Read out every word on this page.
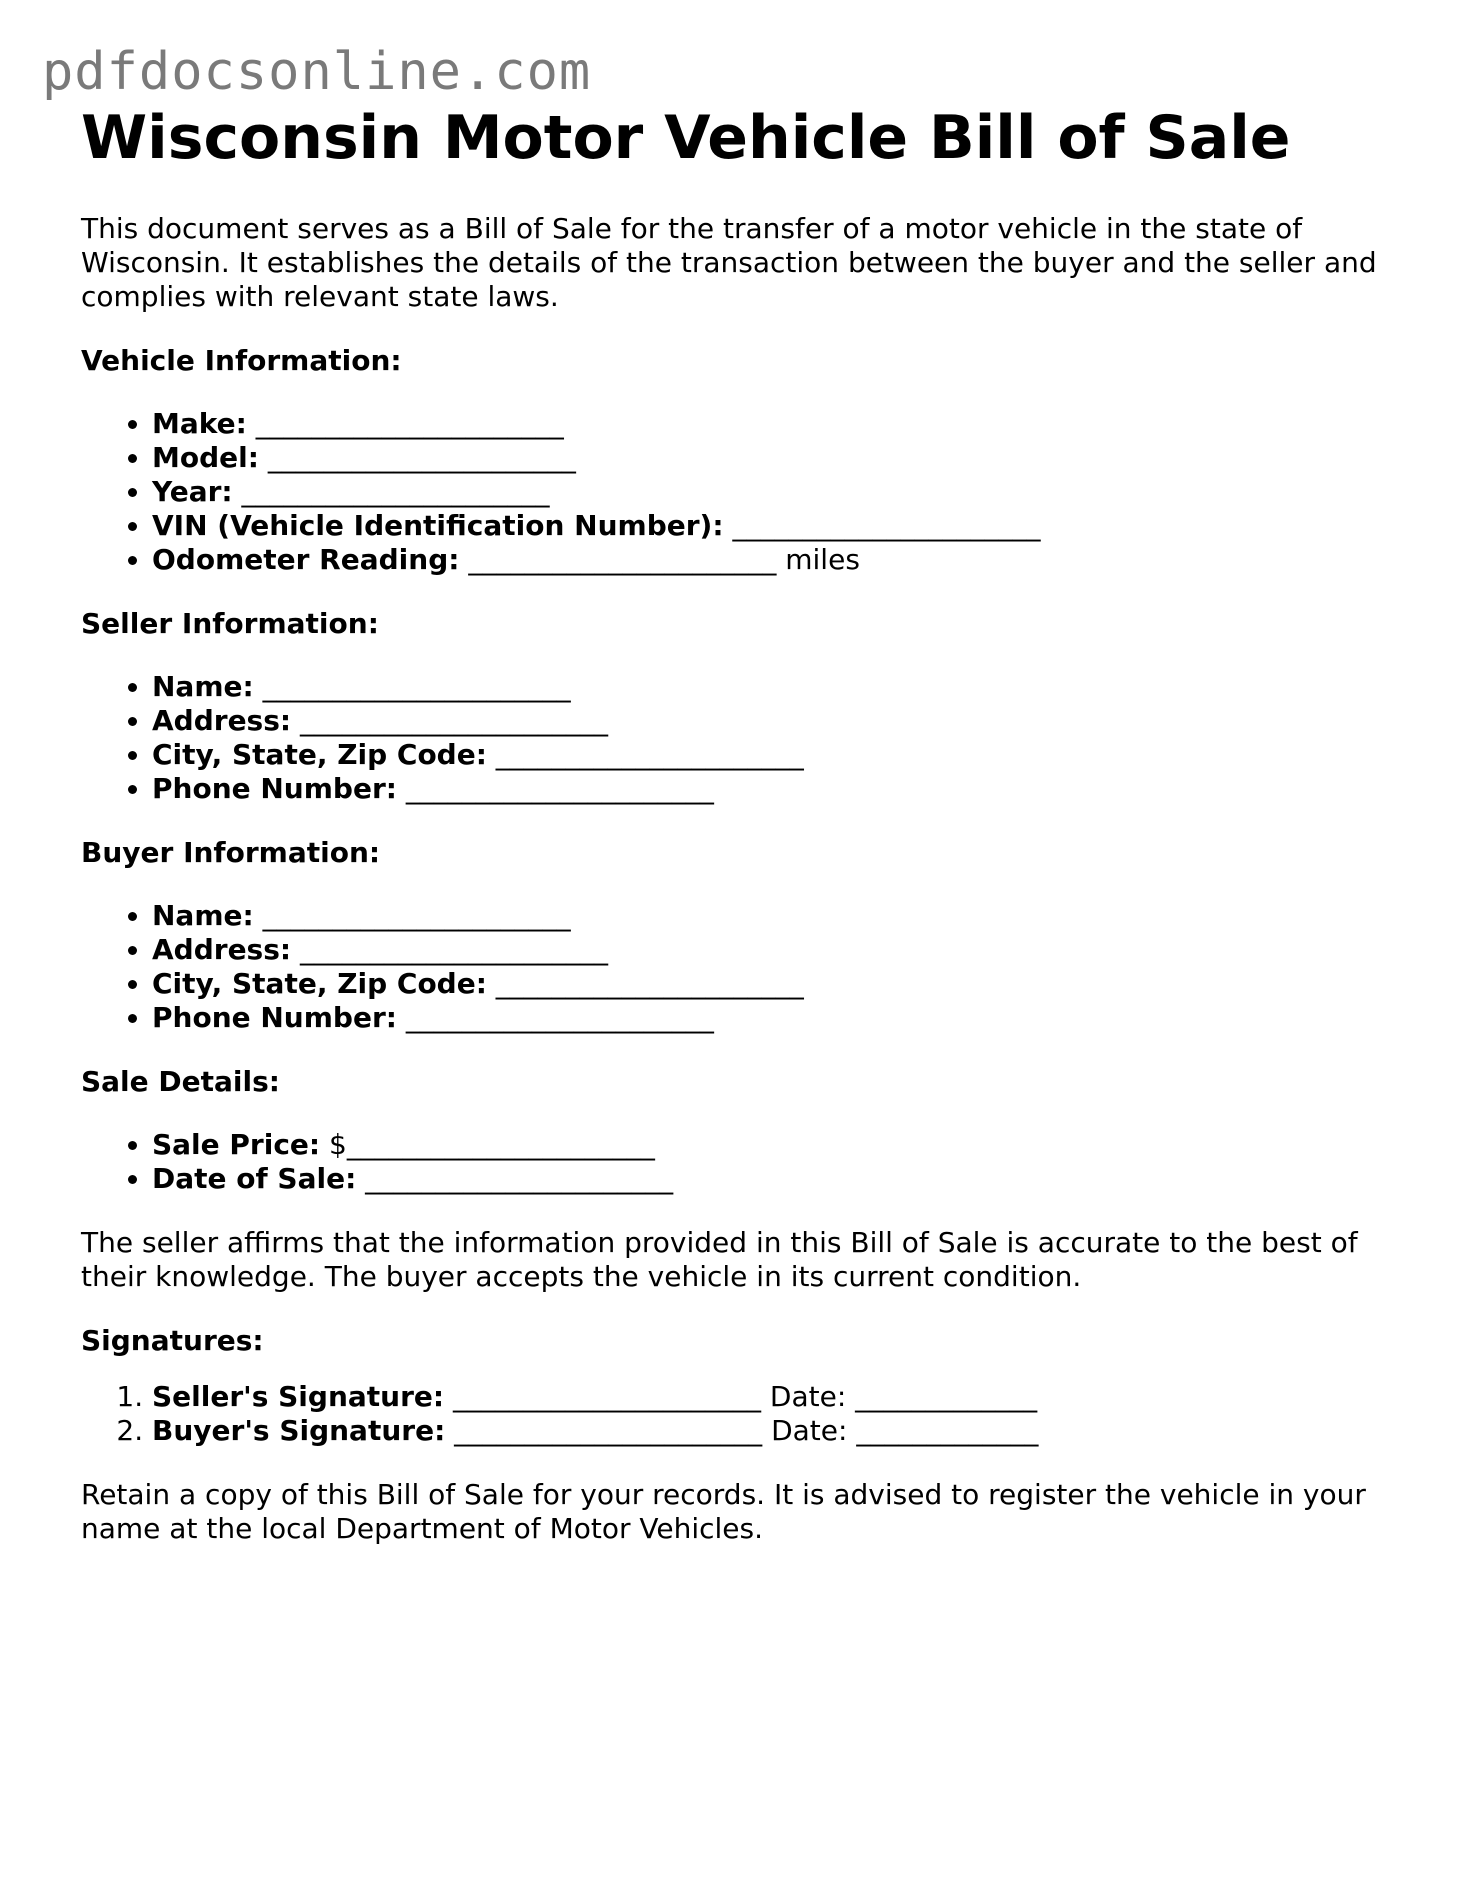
pdfdocsonline.com
Wisconsin Motor Vehicle Bill of Sale

This document serves as a Bill of Sale for the transfer of a motor vehicle in the state of Wisconsin. It establishes the details of the transaction between the buyer and the seller and complies with relevant state laws.

Vehicle Information:
• Make: ______________________
• Model: ______________________
• Year: ______________________
• VIN (Vehicle Identification Number): ______________________
• Odometer Reading: ______________________ miles
Seller Information:
• Name: ______________________
• Address: ______________________
• City, State, Zip Code: ______________________
• Phone Number: ______________________
Buyer Information:
• Name: ______________________
• Address: ______________________
• City, State, Zip Code: ______________________
• Phone Number: ______________________
Sale Details:
• Sale Price: $______________________
• Date of Sale: ______________________

The seller affirms that the information provided in this Bill of Sale is accurate to the best of their knowledge. The buyer accepts the vehicle in its current condition.

Signatures:
1. Seller's Signature: ______________________ Date: _____________
2. Buyer's Signature: ______________________ Date: _____________

Retain a copy of this Bill of Sale for your records. It is advised to register the vehicle in your name at the local Department of Motor Vehicles.
